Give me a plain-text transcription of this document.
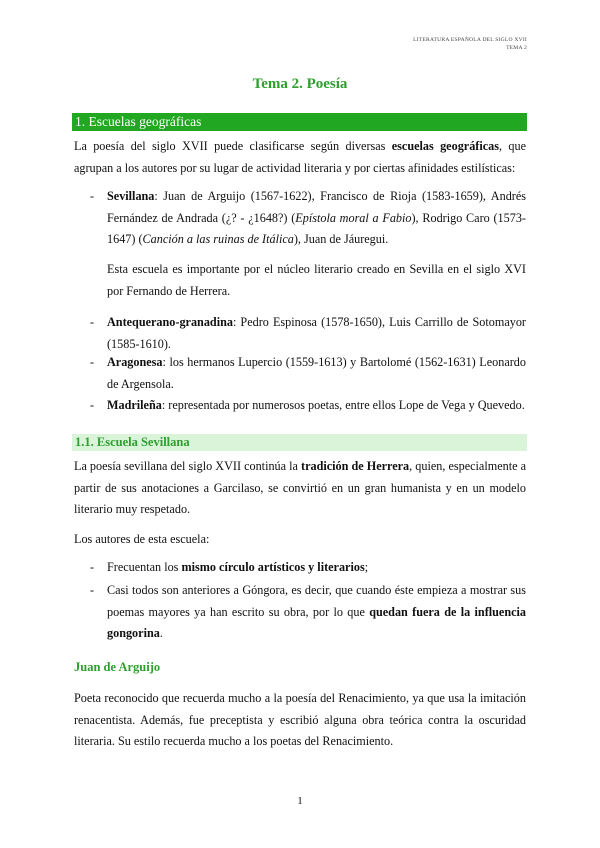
LITERATURA ESPAÑOLA DEL SIGLO XVII
TEMA 2
Tema 2. Poesía
1. Escuelas geográficas

La poesía del siglo XVII puede clasificarse según diversas escuelas geográficas, que agrupan a los autores por su lugar de actividad literaria y por ciertas afinidades estilísticas:

- Sevillana: Juan de Arguijo (1567-1622), Francisco de Rioja (1583-1659), Andrés Fernández de Andrada (¿? - ¿1648?) (Epístola moral a Fabio), Rodrigo Caro (1573-1647) (Canción a las ruinas de Itálica), Juan de Jáuregui.

Esta escuela es importante por el núcleo literario creado en Sevilla en el siglo XVI por Fernando de Herrera.

- Antequerano-granadina: Pedro Espinosa (1578-1650), Luis Carrillo de Sotomayor (1585-1610).
- Aragonesa: los hermanos Lupercio (1559-1613) y Bartolomé (1562-1631) Leonardo de Argensola.
- Madrileña: representada por numerosos poetas, entre ellos Lope de Vega y Quevedo.
1.1. Escuela Sevillana

La poesía sevillana del siglo XVII continúa la tradición de Herrera, quien, especialmente a partir de sus anotaciones a Garcilaso, se convirtió en un gran humanista y en un modelo literario muy respetado.

Los autores de esta escuela:

- Frecuentan los mismo círculo artísticos y literarios;
- Casi todos son anteriores a Góngora, es decir, que cuando éste empieza a mostrar sus poemas mayores ya han escrito su obra, por lo que quedan fuera de la influencia gongorina.
Juan de Arguijo

Poeta reconocido que recuerda mucho a la poesía del Renacimiento, ya que usa la imitación renacentista. Además, fue preceptista y escribió alguna obra teórica contra la oscuridad literaria. Su estilo recuerda mucho a los poetas del Renacimiento.

1
